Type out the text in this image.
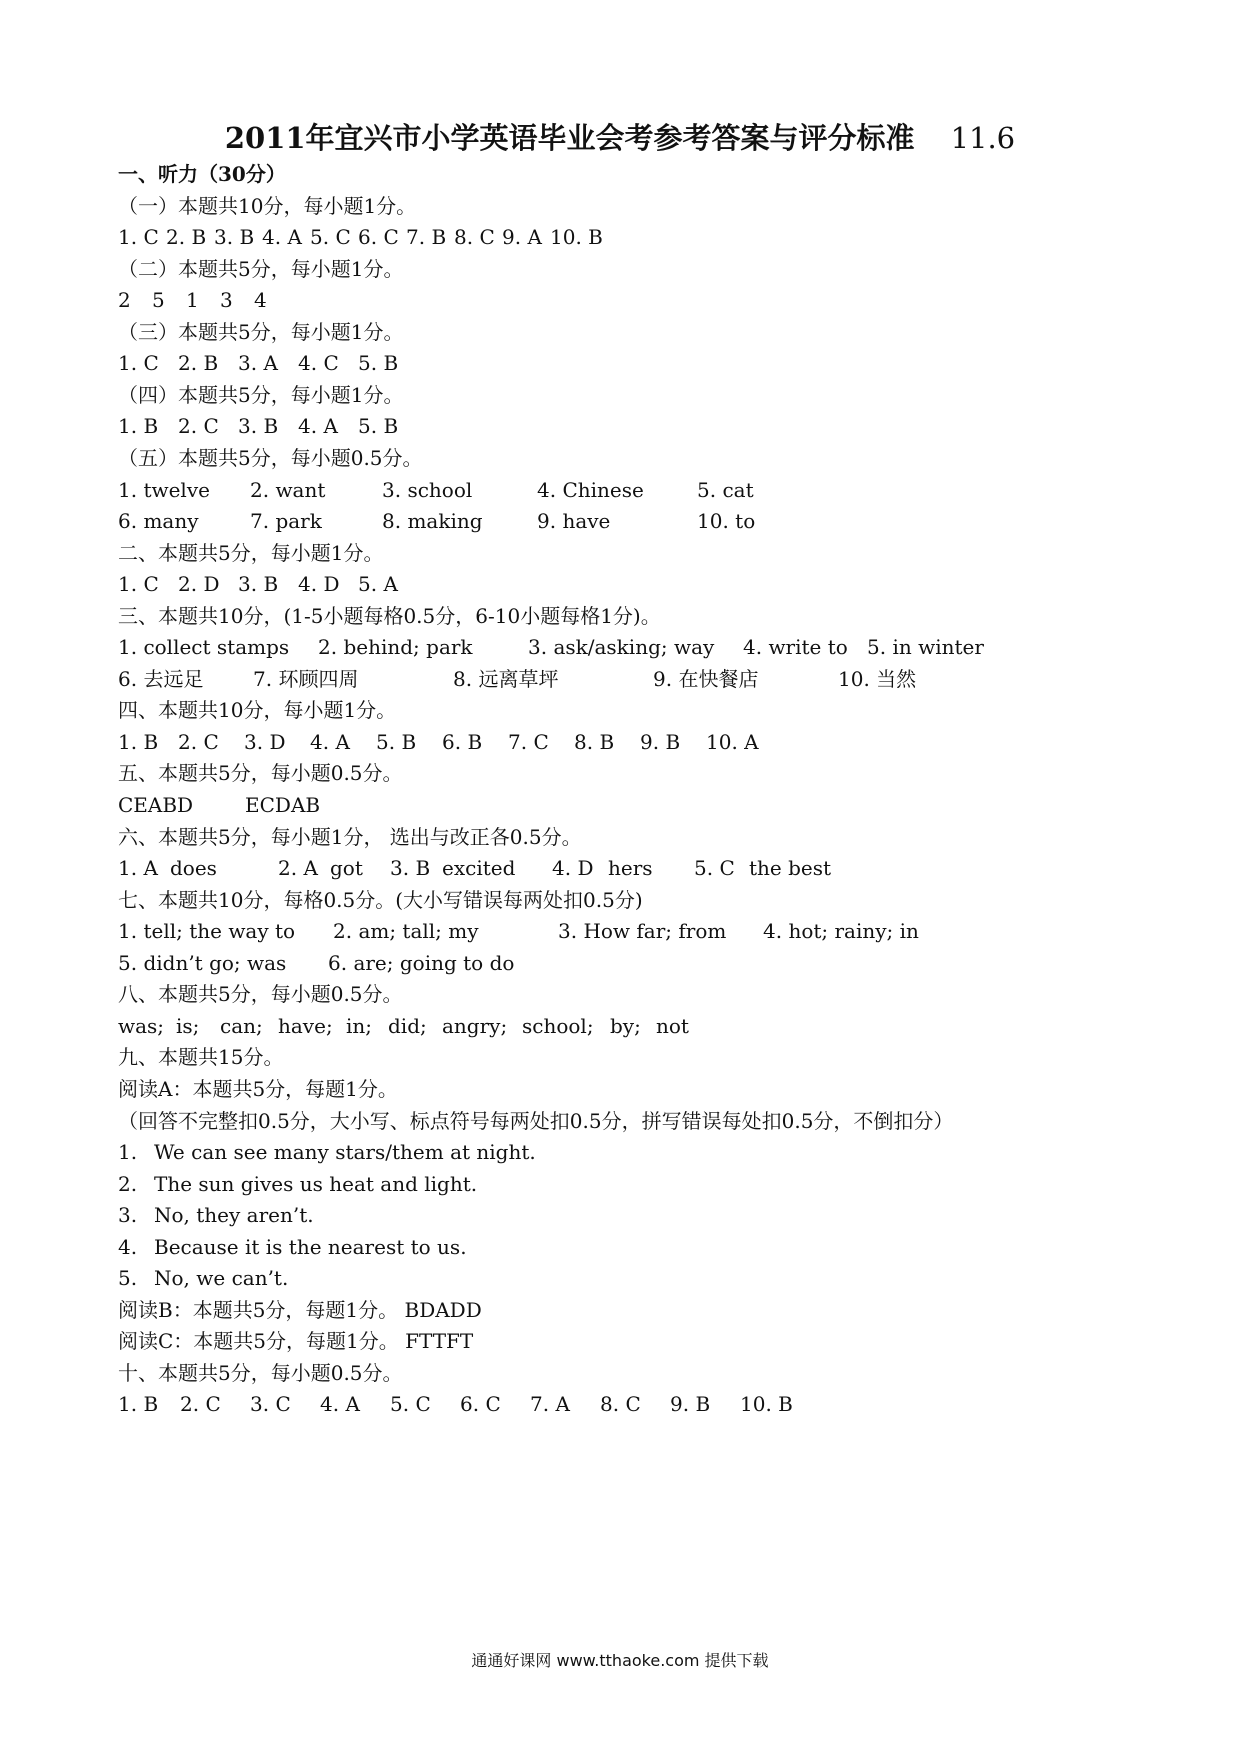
2011年宜兴市小学英语毕业会考参考答案与评分标准 11.6
一、听力（30分）
（一）本题共10分，每小题1分。
1. C 2. B 3. B 4. A 5. C 6. C 7. B 8. C 9. A 10. B
（二）本题共5分，每小题1分。
2 5 1 3 4
（三）本题共5分，每小题1分。
1. C 2. B 3. A 4. C 5. B
（四）本题共5分，每小题1分。
1. B 2. C 3. B 4. A 5. B
（五）本题共5分，每小题0.5分。
1. twelve 2. want	3. school	4. Chinese	5. cat
6. many	7. park	8. making	9. have	10. to
二、本题共5分，每小题1分。
1. C 2. D 3. B 4. D 5. A
三、本题共10分，(1-5小题每格0.5分，6-10小题每格1分)。
1. collect stamps 2. behind; park	3. ask/asking; way 4. write to 5. in winter
6. 去远足 7. 环顾四周	8. 远离草坪	9. 在快餐店	10. 当然
四、本题共10分，每小题1分。
1. B 2. C 3. D 4. A 5. B 6. B 7. C 8. B 9. B 10. A
五、本题共5分，每小题0.5分。
CEABD	ECDAB
六、本题共5分，每小题1分， 选出与改正各0.5分。
1. A does	2. A got 3. B excited 4. D hers 5. C the best
七、本题共10分，每格0.5分。(大小写错误每两处扣0.5分)
1. tell; the way to 2. am; tall; my	3. How far; from 4. hot; rainy; in
5. didn’t go; was 6. are; going to do
八、本题共5分，每小题0.5分。
was; is; can; have; in; did; angry; school; by; not
九、本题共15分。
阅读A：本题共5分，每题1分。
（回答不完整扣0.5分，大小写、标点符号每两处扣0.5分，拼写错误每处扣0.5分，不倒扣分）
1. We can see many stars/them at night.
2. The sun gives us heat and light.
3. No, they aren’t.
4. Because it is the nearest to us.
5. No, we can’t.
阅读B：本题共5分，每题1分。 BDADD
阅读C：本题共5分，每题1分。 FTTFT
十、本题共5分，每小题0.5分。
1. B 2. C 3. C 4. A 5. C 6. C 7. A 8. C 9. B 10. B
通通好课网 www.tthaoke.com 提供下载
